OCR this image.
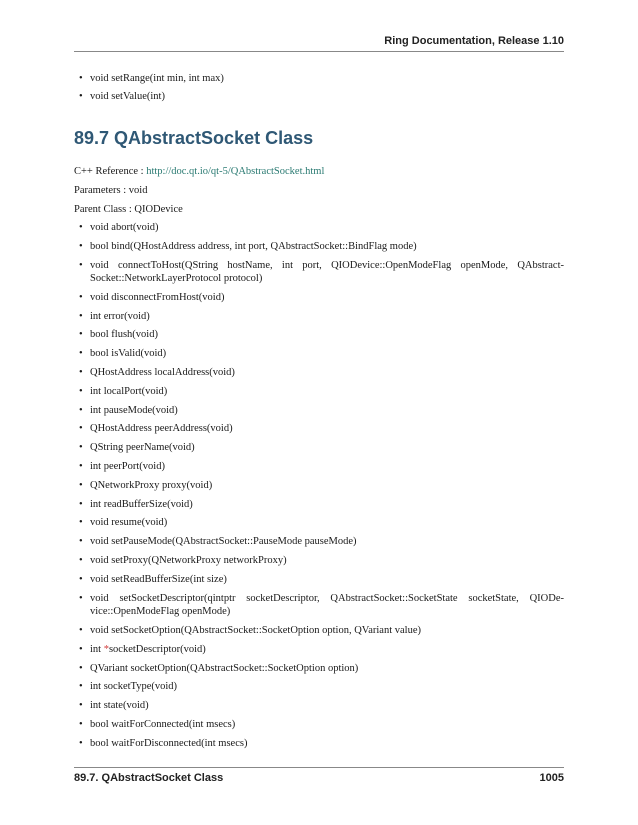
Ring Documentation, Release 1.10
• void setRange(int min, int max)
• void setValue(int)
89.7 QAbstractSocket Class
C++ Reference : http://doc.qt.io/qt-5/QAbstractSocket.html
Parameters : void
Parent Class : QIODevice
• void abort(void)
• bool bind(QHostAddress address, int port, QAbstractSocket::BindFlag mode)
• void connectToHost(QString hostName, int port, QIODevice::OpenModeFlag openMode, QAbstract-Socket::NetworkLayerProtocol protocol)
• void disconnectFromHost(void)
• int error(void)
• bool flush(void)
• bool isValid(void)
• QHostAddress localAddress(void)
• int localPort(void)
• int pauseMode(void)
• QHostAddress peerAddress(void)
• QString peerName(void)
• int peerPort(void)
• QNetworkProxy proxy(void)
• int readBufferSize(void)
• void resume(void)
• void setPauseMode(QAbstractSocket::PauseMode pauseMode)
• void setProxy(QNetworkProxy networkProxy)
• void setReadBufferSize(int size)
• void setSocketDescriptor(qintptr socketDescriptor, QAbstractSocket::SocketState socketState, QIODe-vice::OpenModeFlag openMode)
• void setSocketOption(QAbstractSocket::SocketOption option, QVariant value)
• int *socketDescriptor(void)
• QVariant socketOption(QAbstractSocket::SocketOption option)
• int socketType(void)
• int state(void)
• bool waitForConnected(int msecs)
• bool waitForDisconnected(int msecs)
89.7. QAbstractSocket Class	1005
